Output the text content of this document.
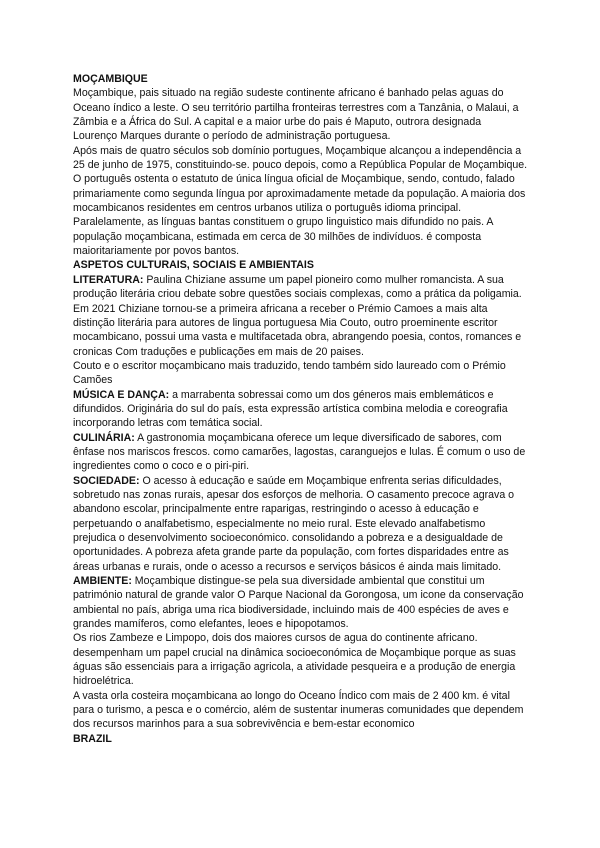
MOÇAMBIQUE

Moçambique, pais situado na região sudeste continente africano é banhado pelas aguas do Oceano índico a leste. O seu território partilha fronteiras terrestres com a Tanzânia, o Malaui, a Zâmbia e a África do Sul. A capital e a maior urbe do pais é Maputo, outrora designada Lourenço Marques durante o período de administração portuguesa.

Após mais de quatro séculos sob domínio portugues, Moçambique alcançou a independência a 25 de junho de 1975, constituindo-se. pouco depois, como a República Popular de Moçambique. O português ostenta o estatuto de única língua oficial de Moçambique, sendo, contudo, falado primariamente como segunda língua por aproximadamente metade da população. A maioria dos mocambicanos residentes em centros urbanos utiliza o português idioma principal. Paralelamente, as línguas bantas constituem o grupo linguistico mais difundido no pais. A população moçambicana, estimada em cerca de 30 milhões de indivíduos. é composta maioritariamente por povos bantos.

ASPETOS CULTURAIS, SOCIAIS E AMBIENTAIS

LITERATURA: Paulina Chiziane assume um papel pioneiro como mulher romancista. A sua produção literária criou debate sobre questões sociais complexas, como a prática da poligamia. Em 2021 Chiziane tornou-se a primeira africana a receber o Prémio Camoes a mais alta distinção literária para autores de lingua portuguesa Mia Couto, outro proeminente escritor mocambicano, possui uma vasta e multifacetada obra, abrangendo poesia, contos, romances e cronicas Com traduções e publicações em mais de 20 paises.

Couto e o escritor moçambicano mais traduzido, tendo também sido laureado com o Prémio Camões

MÚSICA E DANÇA: a marrabenta sobressai como um dos géneros mais emblemáticos e difundidos. Originária do sul do país, esta expressão artística combina melodia e coreografia incorporando letras com temática social.

CULINÁRIA: A gastronomia moçambicana oferece um leque diversificado de sabores, com ênfase nos mariscos frescos. como camarões, lagostas, caranguejos e lulas. É comum o uso de ingredientes como o coco e o piri-piri.

SOCIEDADE: O acesso à educação e saúde em Moçambique enfrenta serias dificuldades, sobretudo nas zonas rurais, apesar dos esforços de melhoria. O casamento precoce agrava o abandono escolar, principalmente entre raparigas, restringindo o acesso à educação e perpetuando o analfabetismo, especialmente no meio rural. Este elevado analfabetismo prejudica o desenvolvimento socioeconómico. consolidando a pobreza e a desigualdade de oportunidades. A pobreza afeta grande parte da população, com fortes disparidades entre as áreas urbanas e rurais, onde o acesso a recursos e serviços básicos é ainda mais limitado.

AMBIENTE: Moçambique distingue-se pela sua diversidade ambiental que constitui um património natural de grande valor O Parque Nacional da Gorongosa, um icone da conservação ambiental no país, abriga uma rica biodiversidade, incluindo mais de 400 espécies de aves e grandes mamíferos, como elefantes, leoes e hipopotamos.

Os rios Zambeze e Limpopo, dois dos maiores cursos de agua do continente africano. desempenham um papel crucial na dinâmica socioeconómica de Moçambique porque as suas águas são essenciais para a irrigação agricola, a atividade pesqueira e a produção de energia hidroelétrica.

A vasta orla costeira moçambicana ao longo do Oceano Índico com mais de 2 400 km. é vital para o turismo, a pesca e o comércio, além de sustentar inumeras comunidades que dependem dos recursos marinhos para a sua sobrevivência e bem-estar economico

BRAZIL
